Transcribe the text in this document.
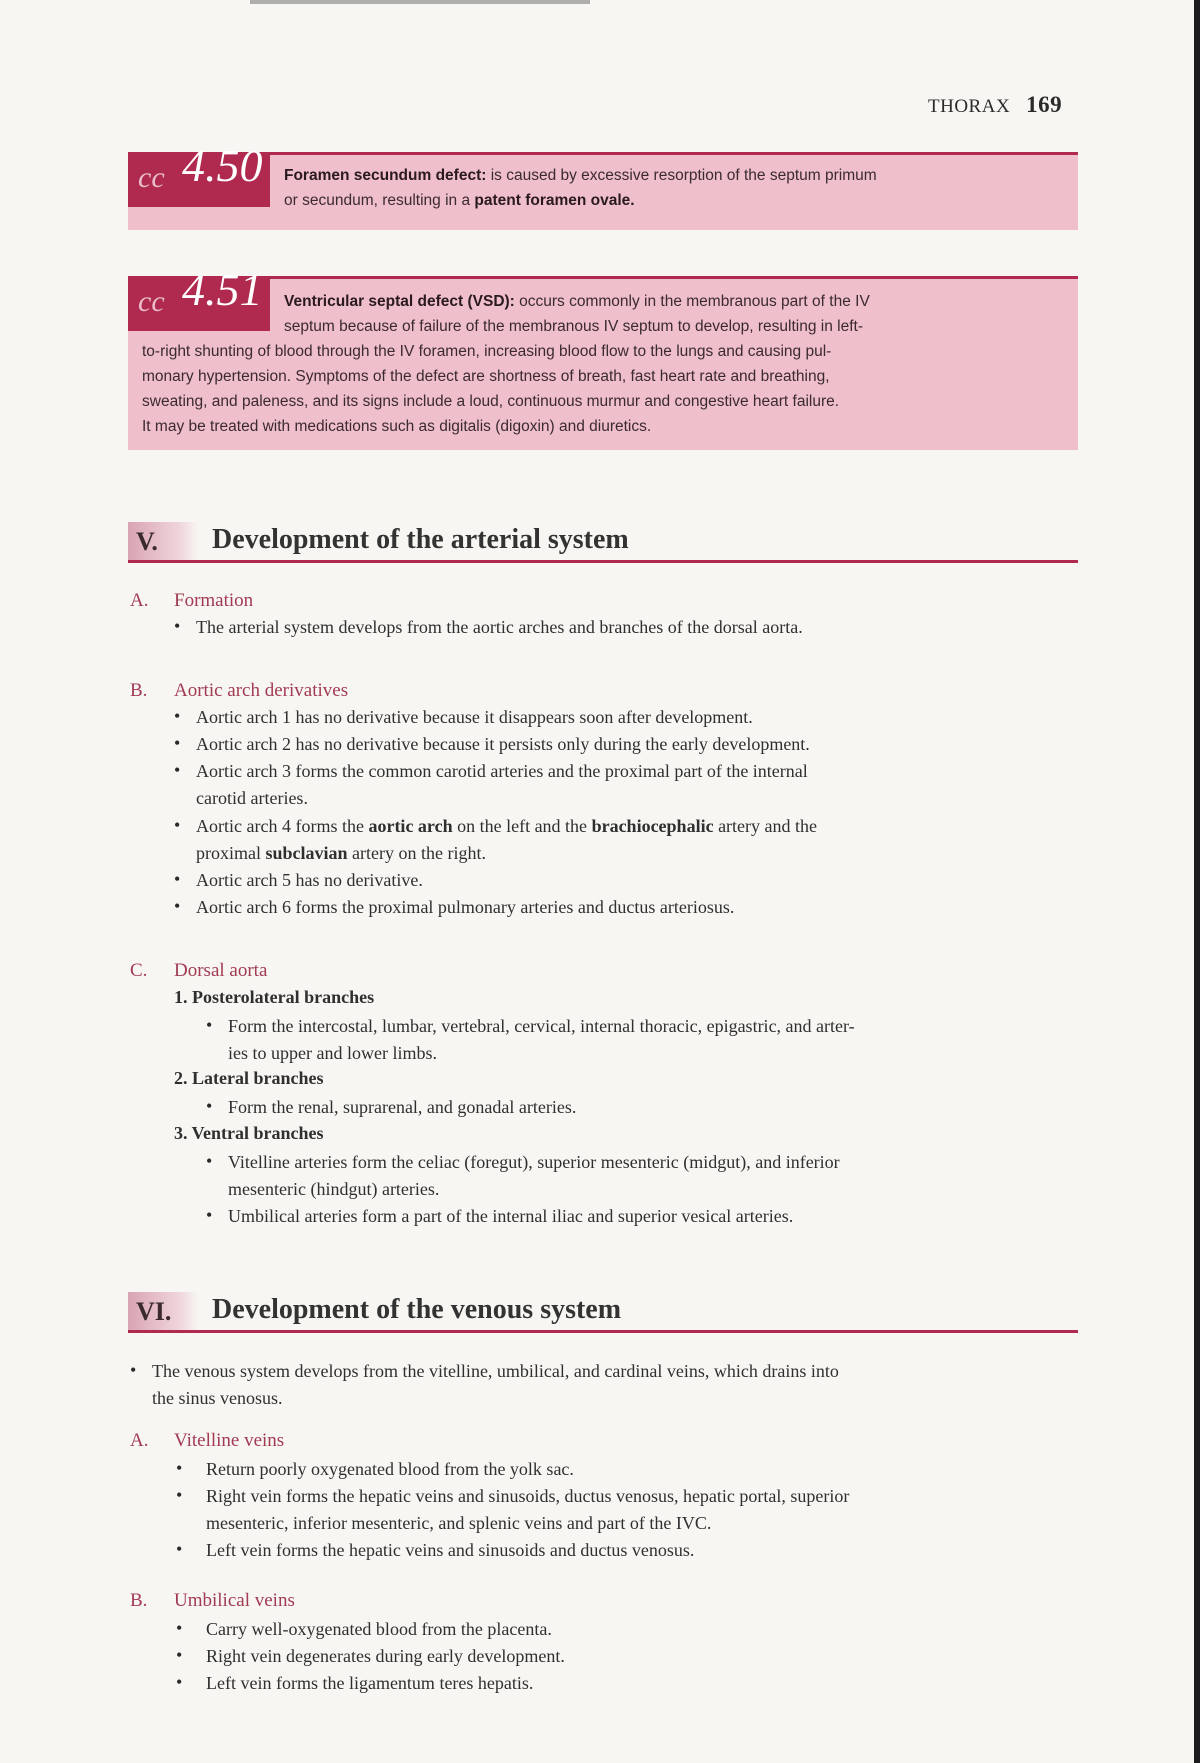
THORAX 169
cc 4.50	Foramen secundum defect: is caused by excessive resorption of the septum primum
or secundum, resulting in a patent foramen ovale.
cc 4.51	Ventricular septal defect (VSD): occurs commonly in the membranous part of the IV
septum because of failure of the membranous IV septum to develop, resulting in left-
to-right shunting of blood through the IV foramen, increasing blood flow to the lungs and causing pul-
monary hypertension. Symptoms of the defect are shortness of breath, fast heart rate and breathing,
sweating, and paleness, and its signs include a loud, continuous murmur and congestive heart failure.
It may be treated with medications such as digitalis (digoxin) and diuretics.
V.	Development of the arterial system
A. Formation
• The arterial system develops from the aortic arches and branches of the dorsal aorta.
B. Aortic arch derivatives
• Aortic arch 1 has no derivative because it disappears soon after development.
• Aortic arch 2 has no derivative because it persists only during the early development.
• Aortic arch 3 forms the common carotid arteries and the proximal part of the internal
carotid arteries.
• Aortic arch 4 forms the aortic arch on the left and the brachiocephalic artery and the
proximal subclavian artery on the right.
• Aortic arch 5 has no derivative.
• Aortic arch 6 forms the proximal pulmonary arteries and ductus arteriosus.
C. Dorsal aorta
1. Posterolateral branches
• Form the intercostal, lumbar, vertebral, cervical, internal thoracic, epigastric, and arter-
ies to upper and lower limbs.
2. Lateral branches
• Form the renal, suprarenal, and gonadal arteries.
3. Ventral branches
• Vitelline arteries form the celiac (foregut), superior mesenteric (midgut), and inferior
mesenteric (hindgut) arteries.
• Umbilical arteries form a part of the internal iliac and superior vesical arteries.
VI.	Development of the venous system
• The venous system develops from the vitelline, umbilical, and cardinal veins, which drains into
the sinus venosus.
A. Vitelline veins
• Return poorly oxygenated blood from the yolk sac.
• Right vein forms the hepatic veins and sinusoids, ductus venosus, hepatic portal, superior
mesenteric, inferior mesenteric, and splenic veins and part of the IVC.
• Left vein forms the hepatic veins and sinusoids and ductus venosus.
B. Umbilical veins
• Carry well-oxygenated blood from the placenta.
• Right vein degenerates during early development.
• Left vein forms the ligamentum teres hepatis.
